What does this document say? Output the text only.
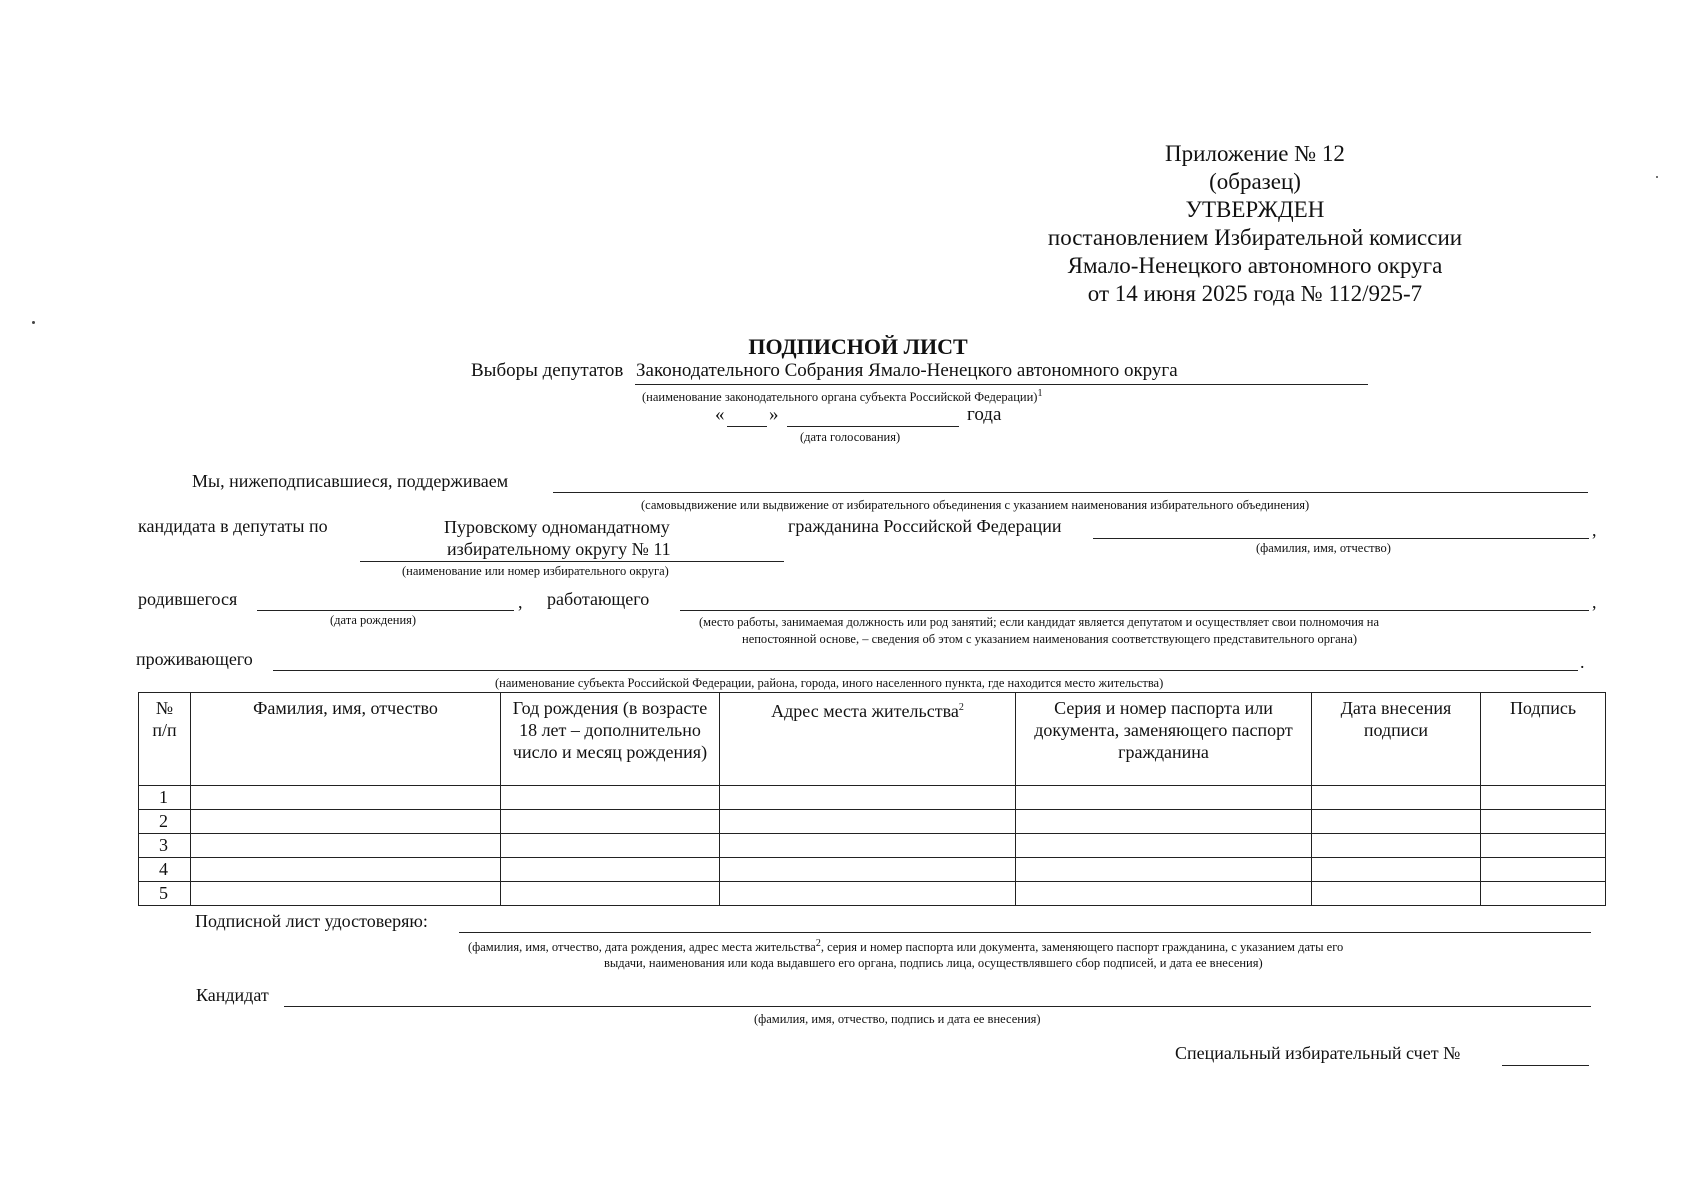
Приложение № 12
(образец)
УТВЕРЖДЕН
постановлением Избирательной комиссии
Ямало-Ненецкого автономного округа
от 14 июня 2025 года № 112/925-7
ПОДПИСНОЙ ЛИСТ
Выборы депутатов Законодательного Собрания Ямало-Ненецкого автономного округа
(наименование законодательного органа субъекта Российской Федерации)$^1$
« »	года
(дата голосования)
Мы, нижеподписавшиеся, поддерживаем
(самовыдвижение или выдвижение от избирательного объединения с указанием наименования избирательного объединения)
кандидата в депутаты по	Пуровскому одномандатному
избирательному округу № 11
(наименование или номер избирательного округа)
гражданина Российской Федерации	,
(фамилия, имя, отчество)
родившегося	,
(дата рождения)
работающего	,
(место работы, занимаемая должность или род занятий; если кандидат является депутатом и осуществляет свои полномочия на
непостоянной основе, – сведения об этом с указанием наименования соответствующего представительного органа)
проживающего	.
(наименование субъекта Российской Федерации, района, города, иного населенного пункта, где находится место жительства)
№ п/п	Фамилия, имя, отчество	Год рождения (в возрасте 18 лет – дополнительно число и месяц рождения)	Адрес места жительства$^2$	Серия и номер паспорта или документа, заменяющего паспорт гражданина	Дата внесения подписи	Подпись
1						
2						
3						
4						
5						
Подписной лист удостоверяю:
(фамилия, имя, отчество, дата рождения, адрес места жительства$^2$, серия и номер паспорта или документа, заменяющего паспорт гражданина, с указанием даты его
выдачи, наименования или кода выдавшего его органа, подпись лица, осуществлявшего сбор подписей, и дата ее внесения)
Кандидат
(фамилия, имя, отчество, подпись и дата ее внесения)
Специальный избирательный счет №
